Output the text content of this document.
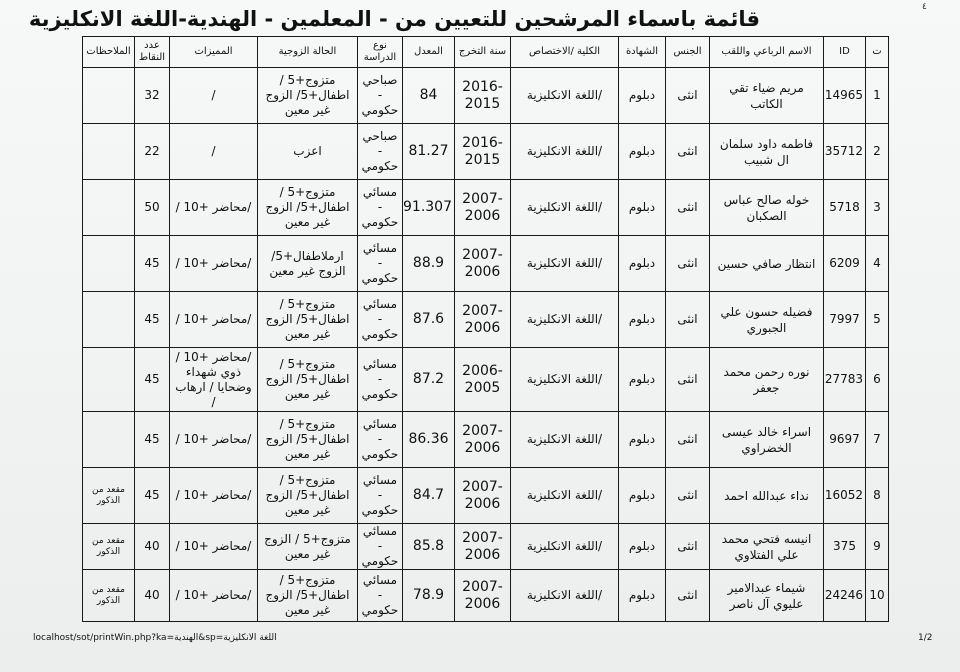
٤
قائمة باسماء المرشحين للتعيين من - المعلمين - الهندية-اللغة الانكليزية
ت	ID	الاسم الرباعي واللقب	الجنس	الشهادة	الكلية /الاختصاص	سنة التخرج	المعدل	نوع الدراسة	الحالة الزوجية	المميزات	عدد النقاط	الملاحظات
1	14965	مريم ضياء تقي الكاتب	انثى	دبلوم	/اللغة الانكليزية	2016-2015	84	صباحي - حكومي	متزوج+5 / اطفال+5/ الزوج غير معين	/	32	
2	35712	فاطمه داود سلمان ال شبيب	انثى	دبلوم	/اللغة الانكليزية	2016-2015	81.27	صباحي - حكومي	اعزب	/	22	
3	5718	خوله صالح عباس الصكبان	انثى	دبلوم	/اللغة الانكليزية	2007-2006	91.307	مسائي - حكومي	متزوج+5 / اطفال+5/ الزوج غير معين	/محاضر +10 /	50	
4	6209	انتظار صافي حسين	انثى	دبلوم	/اللغة الانكليزية	2007-2006	88.9	مسائي - حكومي	ارملاطفال+5/ الزوج غير معين	/محاضر +10 /	45	
5	7997	فضيله حسون علي الجبوري	انثى	دبلوم	/اللغة الانكليزية	2007-2006	87.6	مسائي - حكومي	متزوج+5 / اطفال+5/ الزوج غير معين	/محاضر +10 /	45	
6	27783	نوره رحمن محمد جعفر	انثى	دبلوم	/اللغة الانكليزية	2006-2005	87.2	مسائي - حكومي	متزوج+5 / اطفال+5/ الزوج غير معين	/محاضر +10 / ذوي شهداء وضحايا / ارهاب /	45	
7	9697	اسراء خالد عيسى الخضراوي	انثى	دبلوم	/اللغة الانكليزية	2007-2006	86.36	مسائي - حكومي	متزوج+5 / اطفال+5/ الزوج غير معين	/محاضر +10 /	45	
8	16052	نداء عبدالله احمد	انثى	دبلوم	/اللغة الانكليزية	2007-2006	84.7	مسائي - حكومي	متزوج+5 / اطفال+5/ الزوج غير معين	/محاضر +10 /	45	مقعد من الذكور
9	375	انيسه فتحي محمد علي الفتلاوي	انثى	دبلوم	/اللغة الانكليزية	2007-2006	85.8	مسائي - حكومي	متزوج+5 / الزوج غير معين	/محاضر +10 /	40	مقعد من الذكور
10	24246	شيماء عبدالامير عليوي آل ناصر	انثى	دبلوم	/اللغة الانكليزية	2007-2006	78.9	مسائي - حكومي	متزوج+5 / اطفال+5/ الزوج غير معين	/محاضر +10 /	40	مقعد من الذكور
localhost/sot/printWin.php?ka=الهندية&sp=اللغة الانكليزية	1/2
